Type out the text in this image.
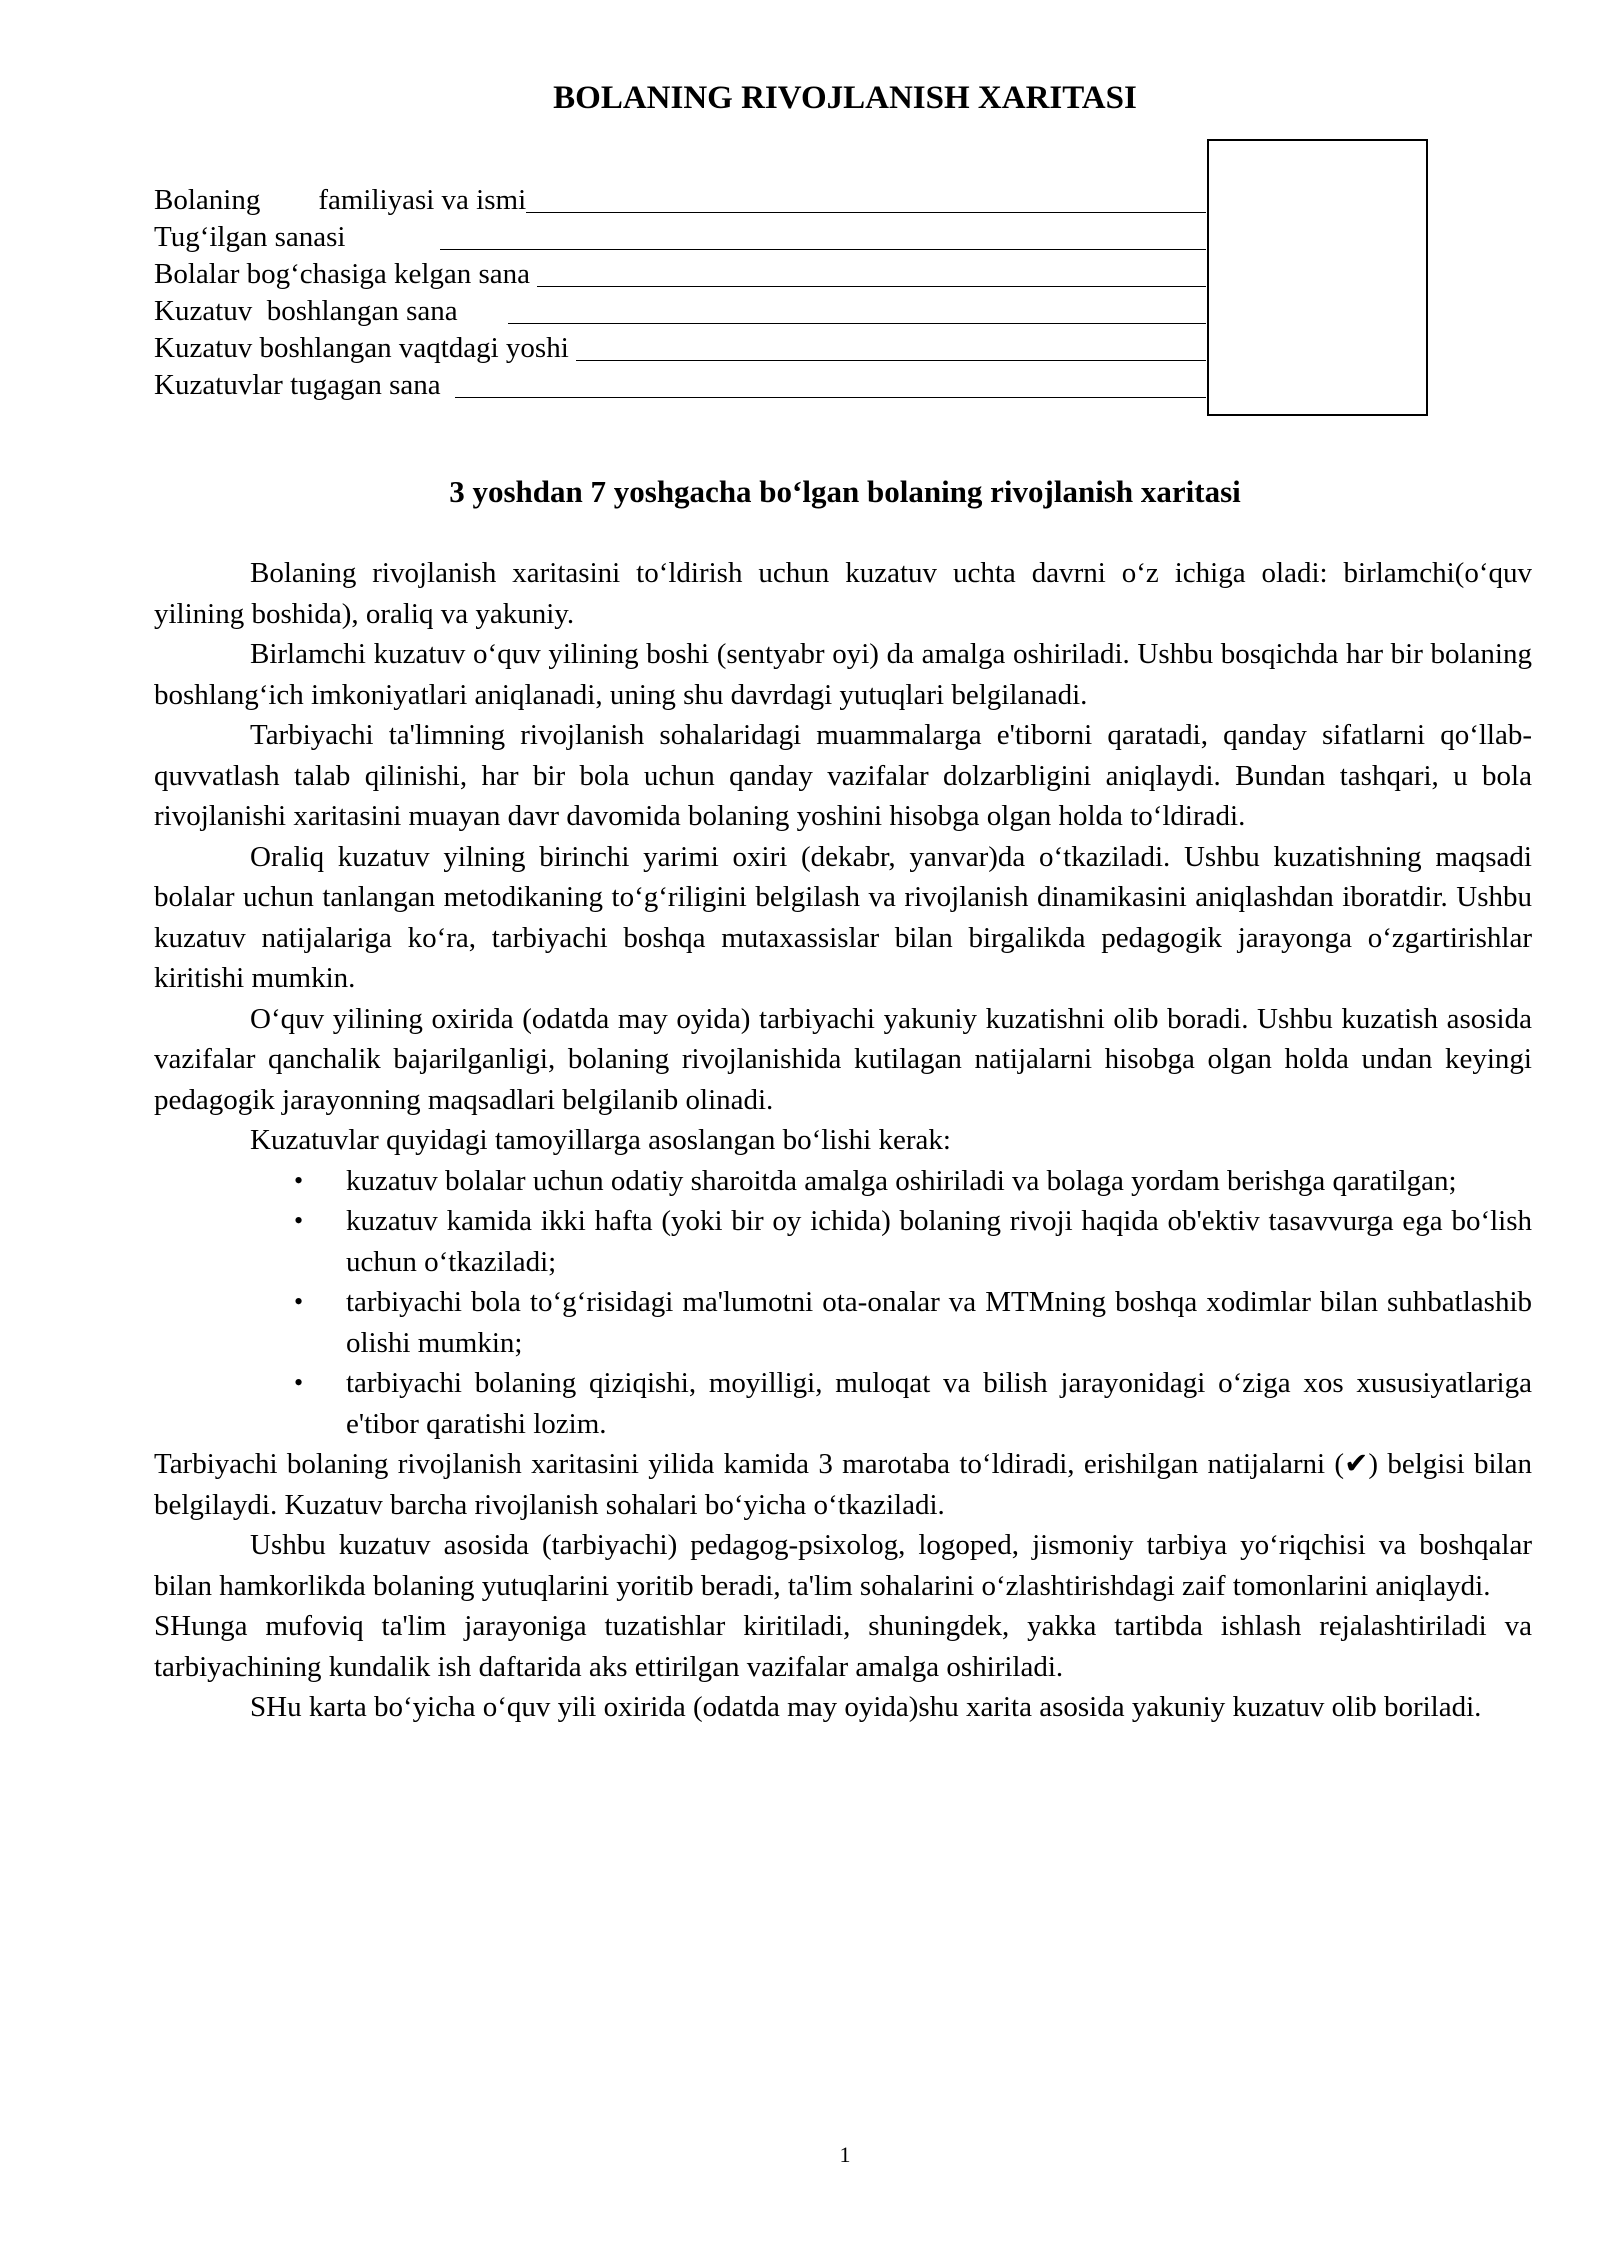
BOLANING RIVOJLANISH XARITASI
Bolaning        familiyasi va ismi
Tug‘ilgan sanasi
Bolalar bog‘chasiga kelgan sana
Kuzatuv  boshlangan sana
Kuzatuv boshlangan vaqtdagi yoshi
Kuzatuvlar tugagan sana
3 yoshdan 7 yoshgacha bo‘lgan bolaning rivojlanish xaritasi

Bolaning rivojlanish xaritasini to‘ldirish uchun kuzatuv uchta davrni o‘z ichiga oladi: birlamchi(o‘quv yilining boshida), oraliq va yakuniy.

Birlamchi kuzatuv o‘quv yilining boshi (sentyabr oyi) da amalga oshiriladi. Ushbu bosqichda har bir bolaning boshlang‘ich imkoniyatlari aniqlanadi, uning shu davrdagi yutuqlari belgilanadi.

Tarbiyachi ta'limning rivojlanish sohalaridagi muammalarga e'tiborni qaratadi, qanday sifatlarni qo‘llab-quvvatlash talab qilinishi, har bir bola uchun qanday vazifalar dolzarbligini aniqlaydi. Bundan tashqari, u bola rivojlanishi xaritasini muayan davr davomida bolaning yoshini hisobga olgan holda to‘ldiradi.

Oraliq kuzatuv yilning birinchi yarimi oxiri (dekabr, yanvar)da o‘tkaziladi. Ushbu kuzatishning maqsadi bolalar uchun tanlangan metodikaning to‘g‘riligini belgilash va rivojlanish dinamikasini aniqlashdan iboratdir. Ushbu kuzatuv natijalariga ko‘ra, tarbiyachi boshqa mutaxassislar bilan birgalikda pedagogik jarayonga o‘zgartirishlar kiritishi mumkin.

O‘quv yilining oxirida (odatda may oyida) tarbiyachi yakuniy kuzatishni olib boradi. Ushbu kuzatish asosida vazifalar qanchalik bajarilganligi, bolaning rivojlanishida kutilagan natijalarni hisobga olgan holda undan keyingi pedagogik jarayonning maqsadlari belgilanib olinadi.

Kuzatuvlar quyidagi tamoyillarga asoslangan bo‘lishi kerak:

• kuzatuv bolalar uchun odatiy sharoitda amalga oshiriladi va bolaga yordam berishga qaratilgan;
• kuzatuv kamida ikki hafta (yoki bir oy ichida) bolaning rivoji haqida ob'ektiv tasavvurga ega bo‘lish uchun o‘tkaziladi;
• tarbiyachi bola to‘g‘risidagi ma'lumotni ota-onalar va MTMning boshqa xodimlar bilan suhbatlashib olishi mumkin;
• tarbiyachi bolaning qiziqishi, moyilligi, muloqat va bilish jarayonidagi o‘ziga xos xususiyatlariga e'tibor qaratishi lozim.

Tarbiyachi bolaning rivojlanish xaritasini yilida kamida 3 marotaba to‘ldiradi, erishilgan natijalarni (✔) belgisi bilan belgilaydi. Kuzatuv barcha rivojlanish sohalari bo‘yicha o‘tkaziladi.

Ushbu kuzatuv asosida (tarbiyachi) pedagog-psixolog, logoped, jismoniy tarbiya yo‘riqchisi va boshqalar bilan hamkorlikda bolaning yutuqlarini yoritib beradi, ta'lim sohalarini o‘zlashtirishdagi zaif tomonlarini aniqlaydi.

SHunga mufoviq ta'lim jarayoniga tuzatishlar kiritiladi, shuningdek, yakka tartibda ishlash rejalashtiriladi va tarbiyachining kundalik ish daftarida aks ettirilgan vazifalar amalga oshiriladi.

SHu karta bo‘yicha o‘quv yili oxirida (odatda may oyida)shu xarita asosida yakuniy kuzatuv olib boriladi.

1
